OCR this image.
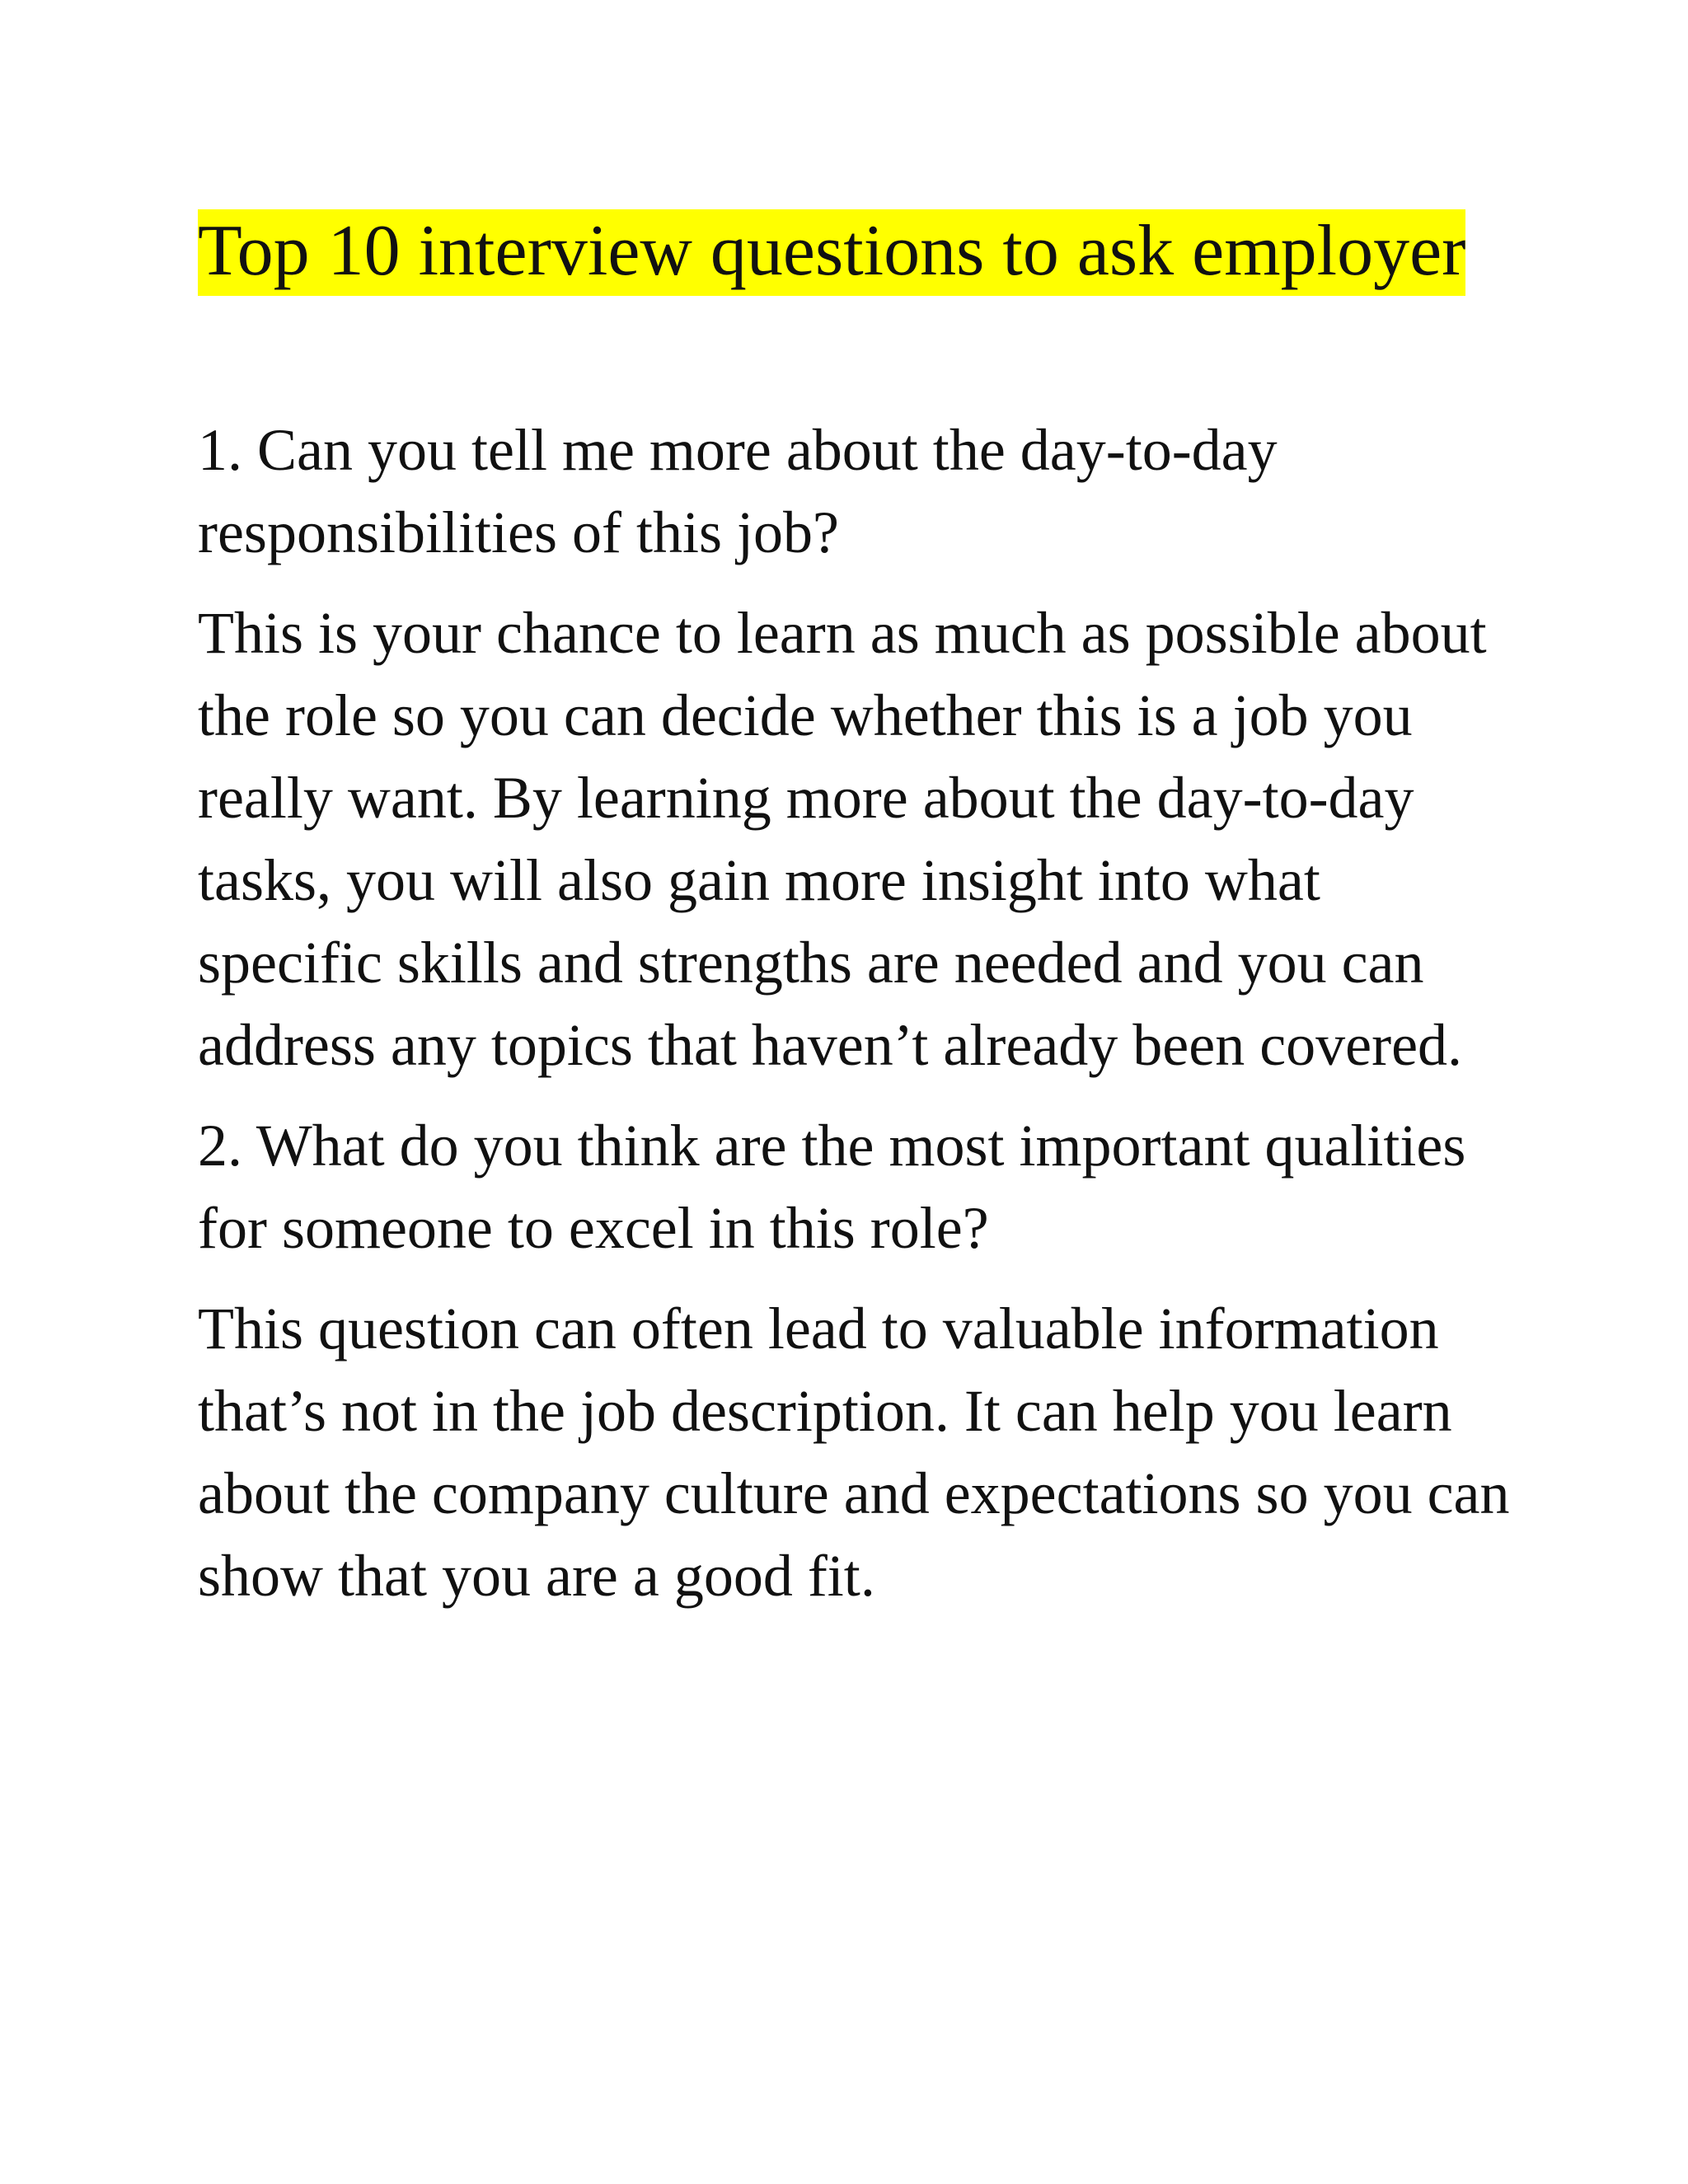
Top 10 interview questions to ask employer

1. Can you tell me more about the day-to-day responsibilities of this job?

This is your chance to learn as much as possible about the role so you can decide whether this is a job you really want. By learning more about the day-to-day tasks, you will also gain more insight into what specific skills and strengths are needed and you can address any topics that haven’t already been covered.

2. What do you think are the most important qualities for someone to excel in this role?

This question can often lead to valuable information that’s not in the job description. It can help you learn about the company culture and expectations so you can show that you are a good fit.
